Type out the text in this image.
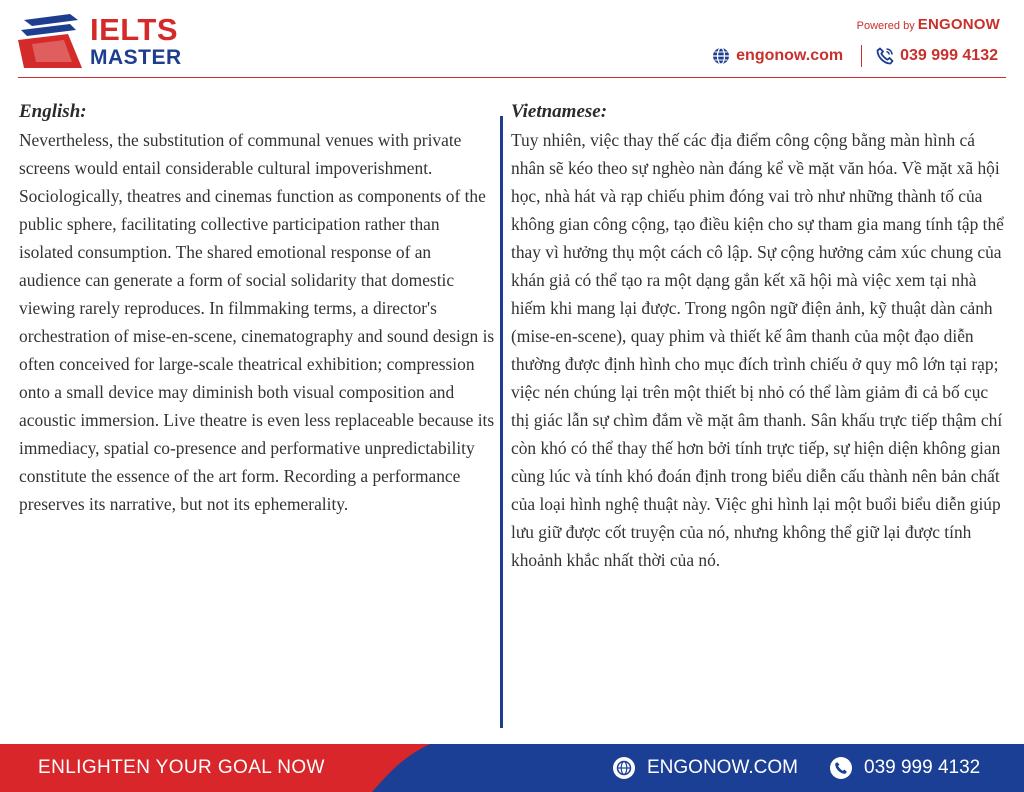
IELTS
MASTER
Powered by ENGONOW
engonow.com	039 999 4132
English:

Nevertheless, the substitution of communal venues with private screens would entail considerable cultural impoverishment. Sociologically, theatres and cinemas function as components of the public sphere, facilitating collective participation rather than isolated consumption. The shared emotional response of an audience can generate a form of social solidarity that domestic viewing rarely reproduces. In filmmaking terms, a director's orchestration of mise-en-scene, cinematography and sound design is often conceived for large-scale theatrical exhibition; compression onto a small device may diminish both visual composition and acoustic immersion. Live theatre is even less replaceable because its immediacy, spatial co-presence and performative unpredictability constitute the essence of the art form. Recording a performance preserves its narrative, but not its ephemerality.

Vietnamese:

Tuy nhiên, việc thay thế các địa điểm công cộng bằng màn hình cá nhân sẽ kéo theo sự nghèo nàn đáng kể về mặt văn hóa. Về mặt xã hội học, nhà hát và rạp chiếu phim đóng vai trò như những thành tố của không gian công cộng, tạo điều kiện cho sự tham gia mang tính tập thể thay vì hưởng thụ một cách cô lập. Sự cộng hưởng cảm xúc chung của khán giả có thể tạo ra một dạng gắn kết xã hội mà việc xem tại nhà hiếm khi mang lại được. Trong ngôn ngữ điện ảnh, kỹ thuật dàn cảnh (mise-en-scene), quay phim và thiết kế âm thanh của một đạo diễn thường được định hình cho mục đích trình chiếu ở quy mô lớn tại rạp; việc nén chúng lại trên một thiết bị nhỏ có thể làm giảm đi cả bố cục thị giác lẫn sự chìm đắm về mặt âm thanh. Sân khấu trực tiếp thậm chí còn khó có thể thay thế hơn bởi tính trực tiếp, sự hiện diện không gian cùng lúc và tính khó đoán định trong biểu diễn cấu thành nên bản chất của loại hình nghệ thuật này. Việc ghi hình lại một buổi biểu diễn giúp lưu giữ được cốt truyện của nó, nhưng không thể giữ lại được tính khoảnh khắc nhất thời của nó.

ENLIGHTEN YOUR GOAL NOW	ENGONOW.COM	039 999 4132
